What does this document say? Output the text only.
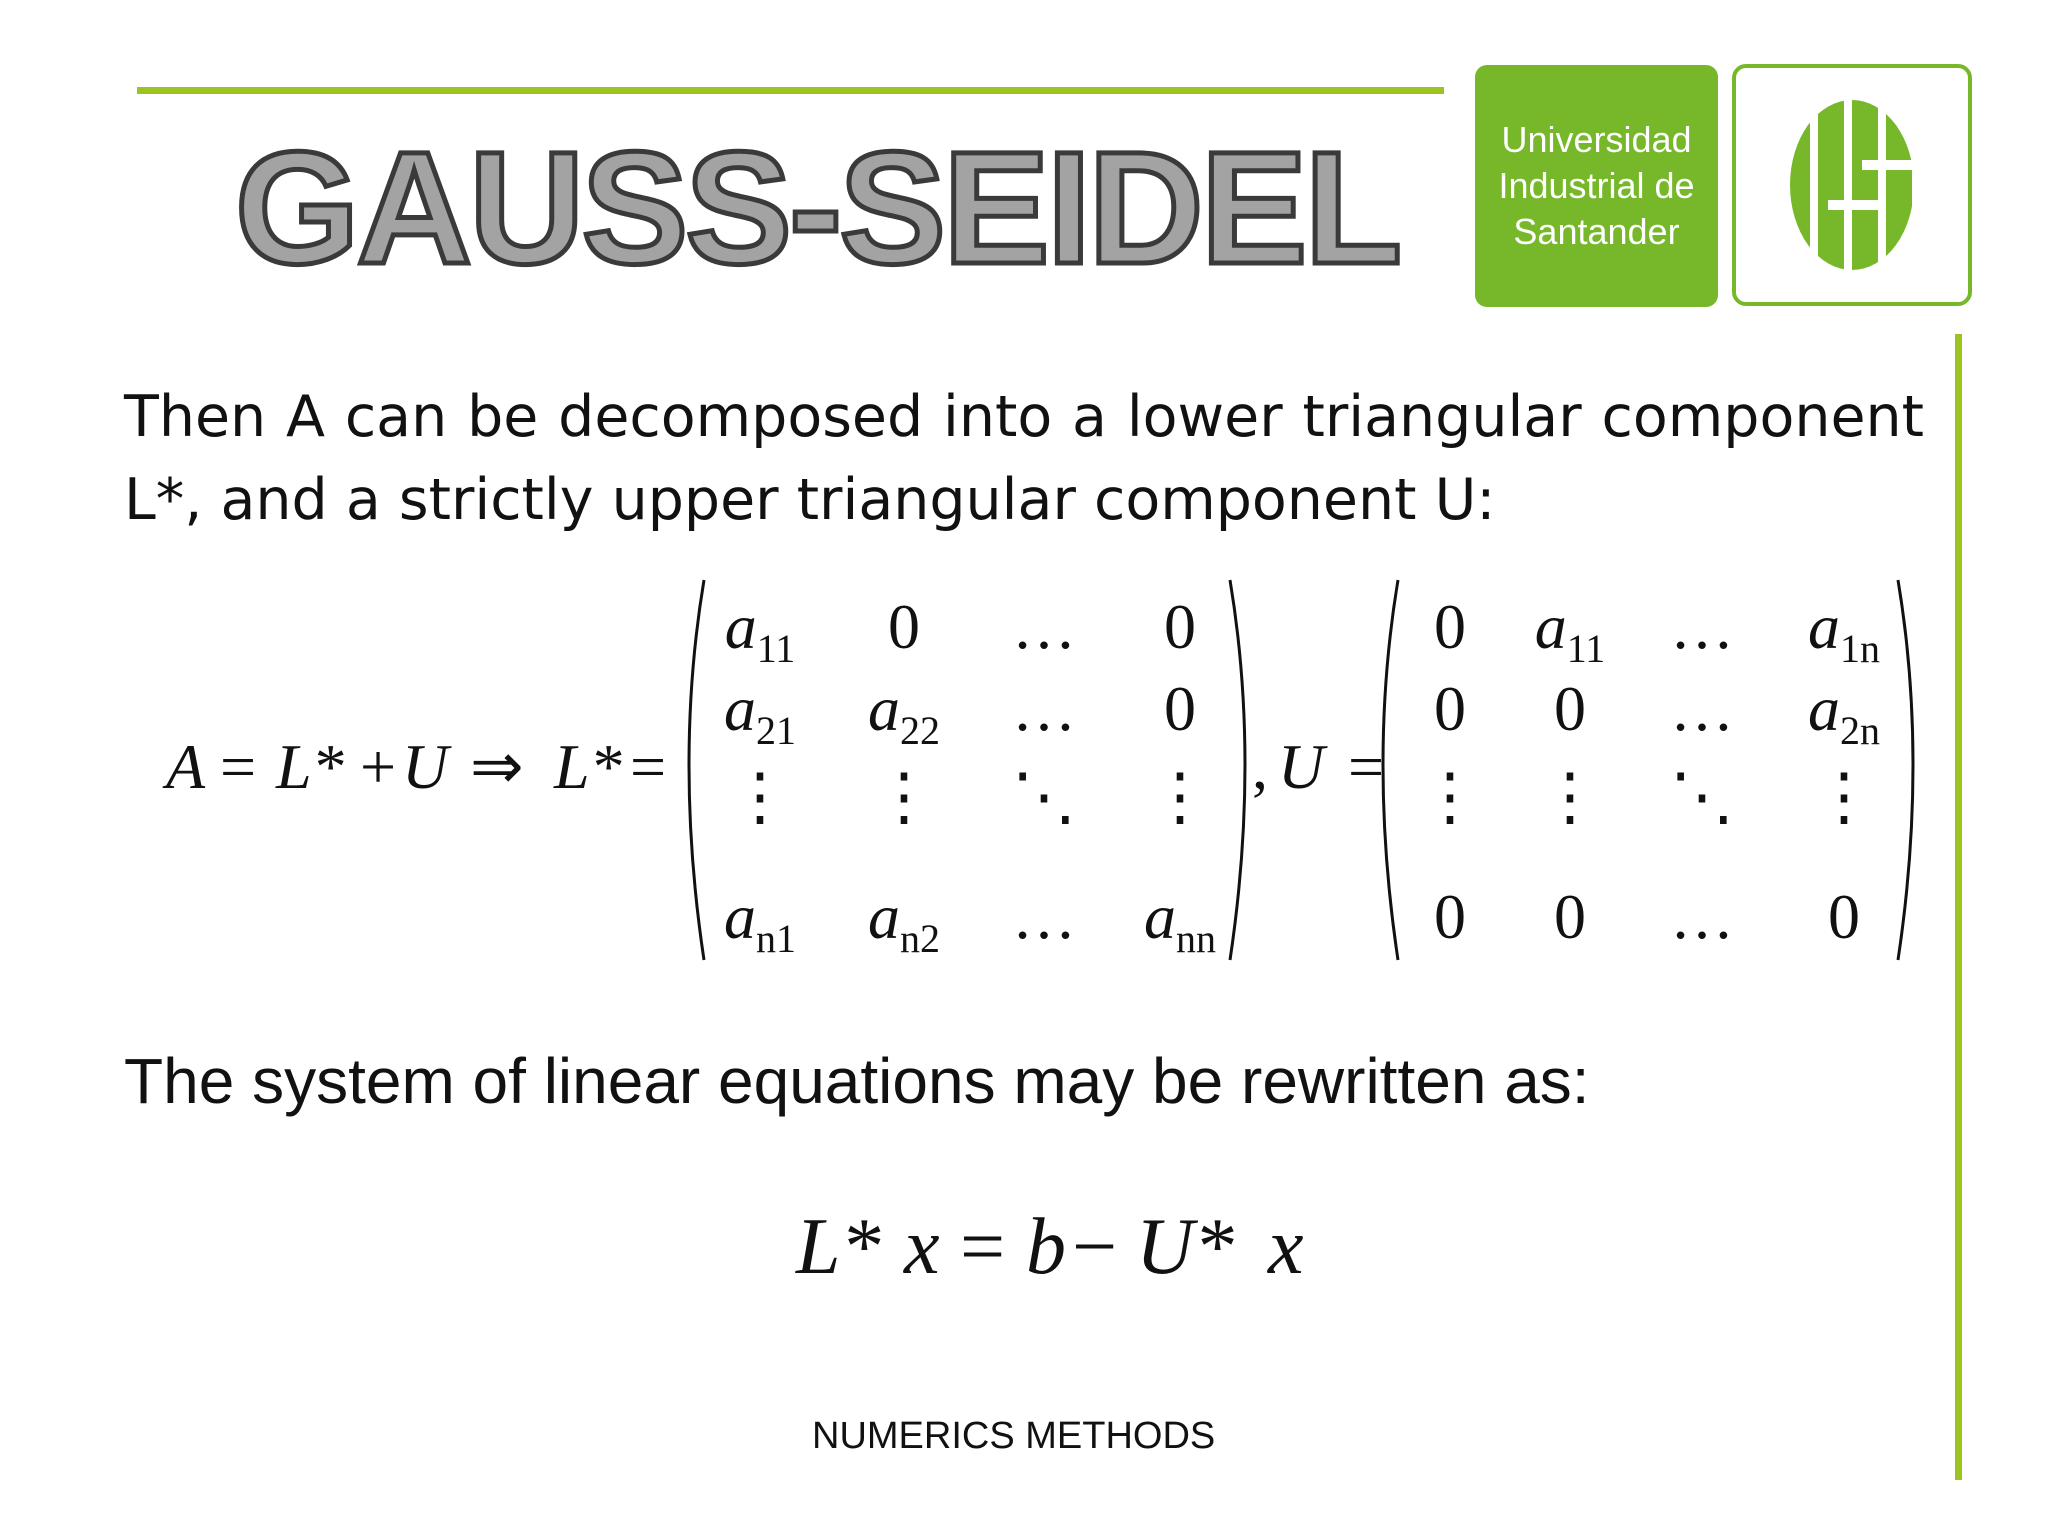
GAUSS-SEIDEL	Universidad
Industrial de
Santander

Then A can be decomposed into a lower triangular component L*, and a strictly upper triangular component U:

A = L* + U ⇒ L* =	, U =
$a_{11}$ 0 … 0
$a_{21}$ $a_{22}$ … 0
⋮ ⋮ ⋱ ⋮
$a_{n1}$ $a_{n2}$ … $a_{nn}$
0 $a_{11}$ … $a_{1n}$
0 0 … $a_{2n}$
⋮ ⋮ ⋱ ⋮
0 0 … 0

The system of linear equations may be rewritten as:

L* x = b − U* x

NUMERICS METHODS
